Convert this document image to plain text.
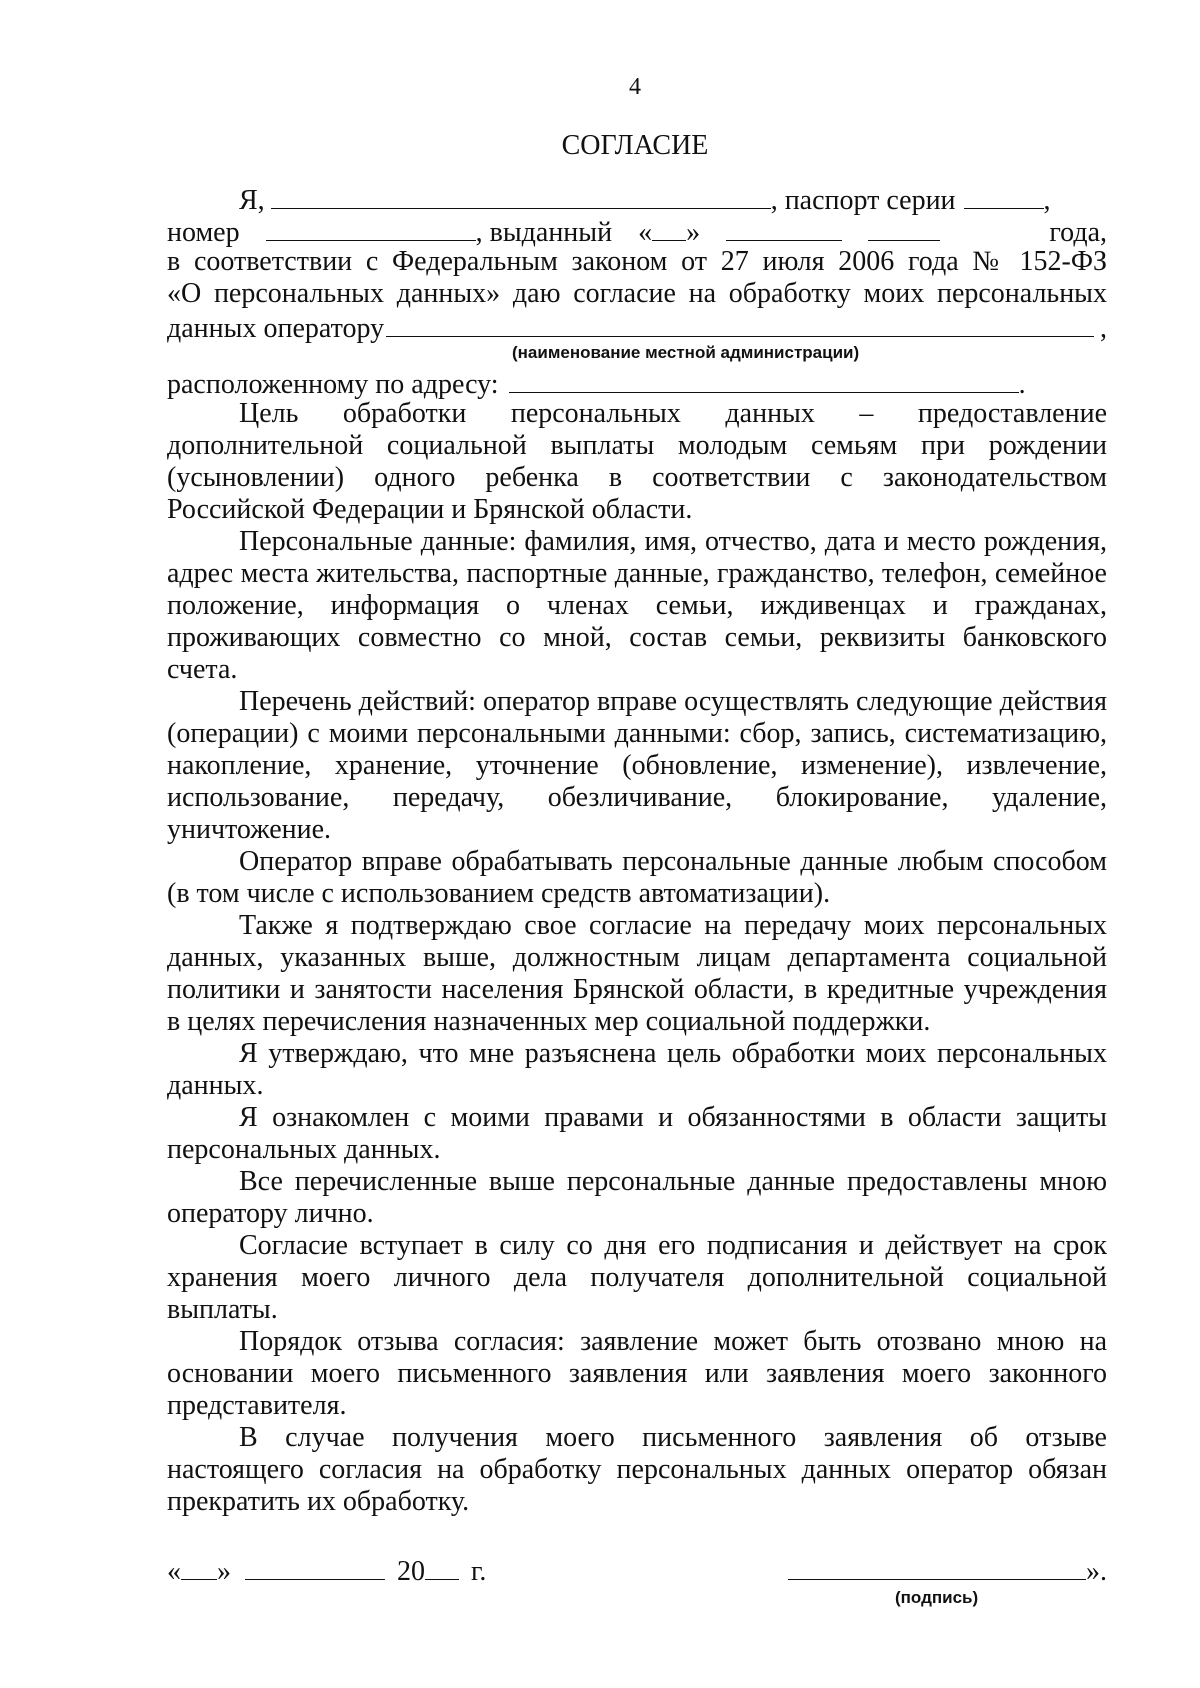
4
СОГЛАСИЕ
Я,	, паспорт серии	,
номер	, выданный « »	года,
в соответствии с Федеральным законом от 27 июля 2006 года № 152-ФЗ
«О персональных данных» даю согласие на обработку моих персональных
данных оператору	,
(наименование местной администрации)
расположенному по адресу:	.

Цель обработки персональных данных – предоставление дополнительной социальной выплаты молодым семьям при рождении (усыновлении) одного ребенка в соответствии с законодательством Российской Федерации и Брянской области.

Персональные данные: фамилия, имя, отчество, дата и место рождения, адрес места жительства, паспортные данные, гражданство, телефон, семейное положение, информация о членах семьи, иждивенцах и гражданах, проживающих совместно со мной, состав семьи, реквизиты банковского счета.

Перечень действий: оператор вправе осуществлять следующие действия (операции) с моими персональными данными: сбор, запись, систематизацию, накопление, хранение, уточнение (обновление, изменение), извлечение, использование, передачу, обезличивание, блокирование, удаление, уничтожение.

Оператор вправе обрабатывать персональные данные любым способом (в том числе с использованием средств автоматизации).

Также я подтверждаю свое согласие на передачу моих персональных данных, указанных выше, должностным лицам департамента социальной политики и занятости населения Брянской области, в кредитные учреждения в целях перечисления назначенных мер социальной поддержки.

Я утверждаю, что мне разъяснена цель обработки моих персональных данных.

Я ознакомлен с моими правами и обязанностями в области защиты персональных данных.

Все перечисленные выше персональные данные предоставлены мною оператору лично.

Согласие вступает в силу со дня его подписания и действует на срок хранения моего личного дела получателя дополнительной социальной выплаты.

Порядок отзыва согласия: заявление может быть отозвано мною на основании моего письменного заявления или заявления моего законного представителя.

В случае получения моего письменного заявления об отзыве настоящего согласия на обработку персональных данных оператор обязан прекратить их обработку.

« »	20 г.	».
(подпись)
